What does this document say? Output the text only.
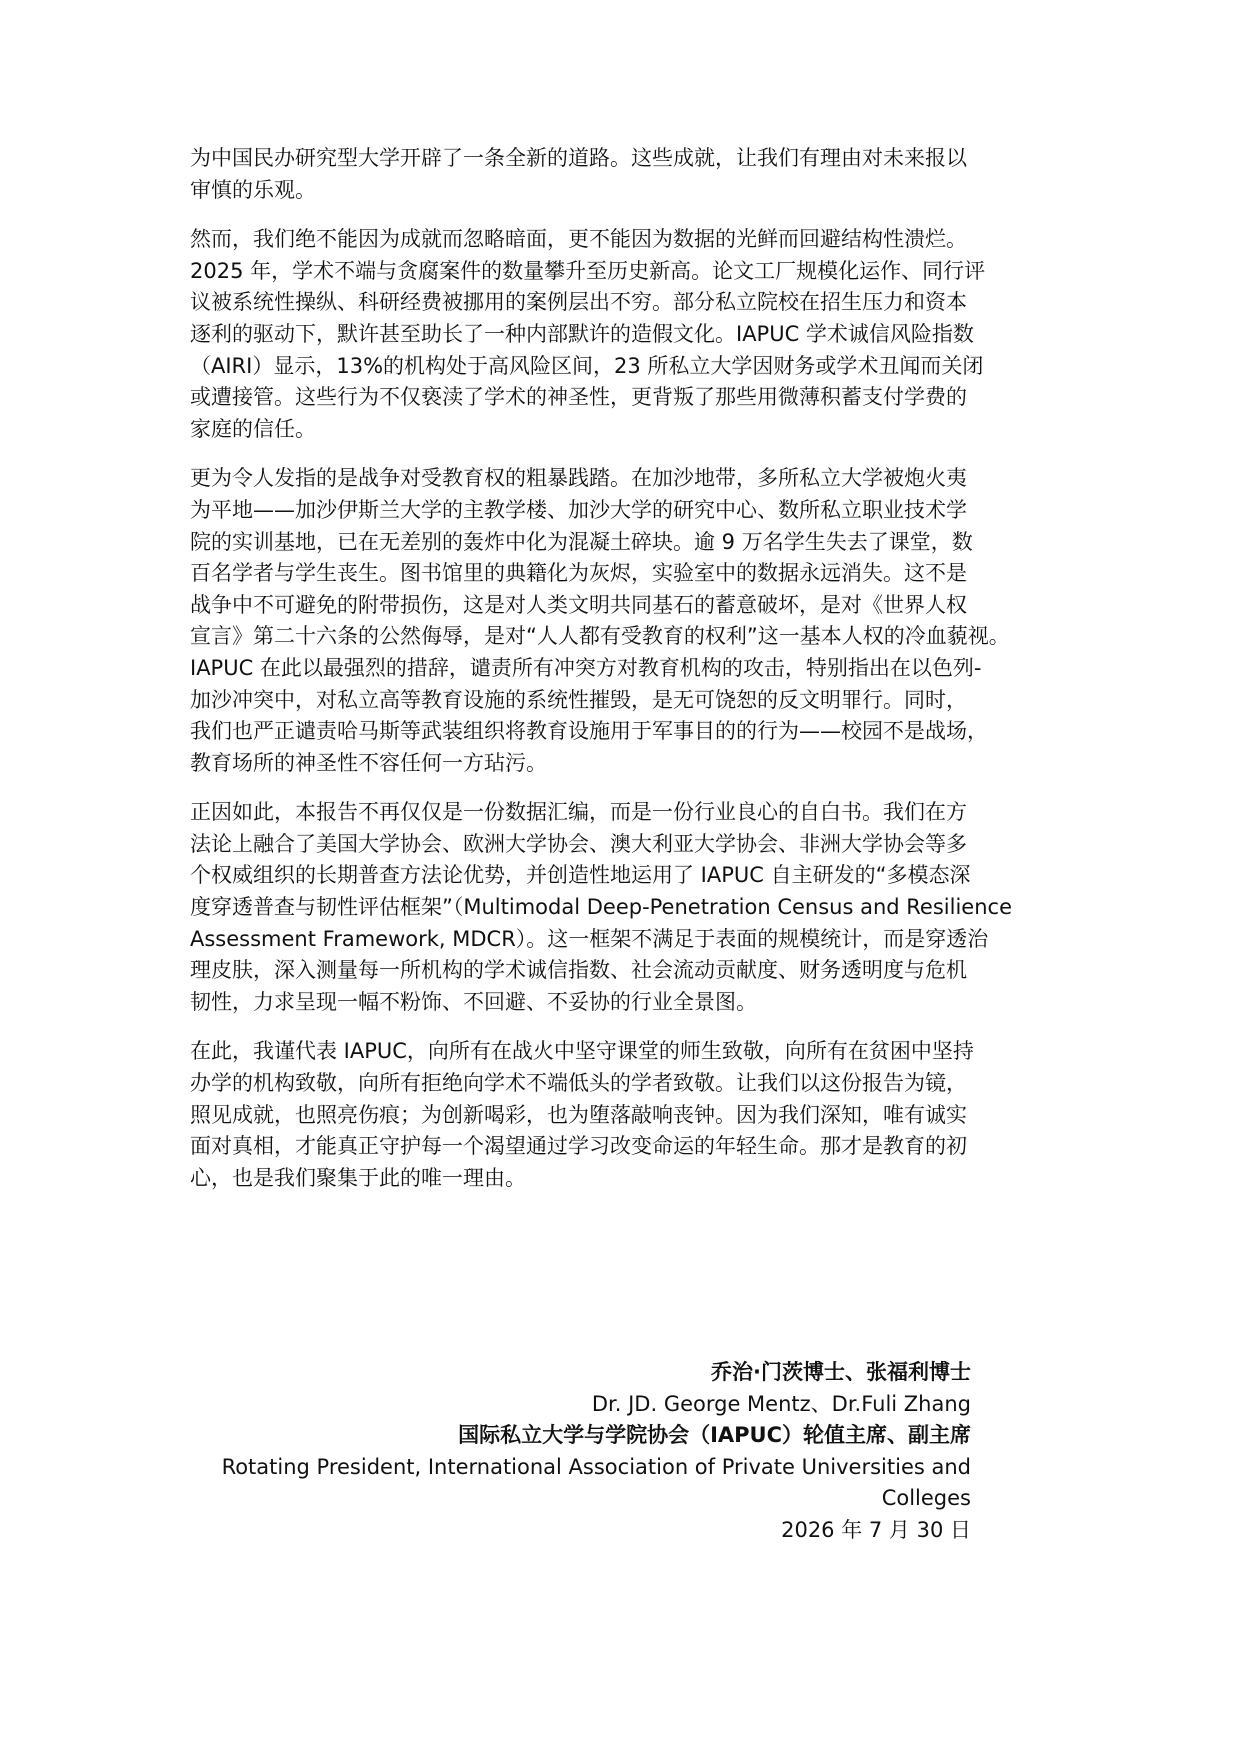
为中国民办研究型大学开辟了一条全新的道路。这些成就，让我们有理由对未来报以
审慎的乐观。

然而，我们绝不能因为成就而忽略暗面，更不能因为数据的光鲜而回避结构性溃烂。
2025 年，学术不端与贪腐案件的数量攀升至历史新高。论文工厂规模化运作、同行评
议被系统性操纵、科研经费被挪用的案例层出不穷。部分私立院校在招生压力和资本
逐利的驱动下，默许甚至助长了一种内部默许的造假文化。IAPUC 学术诚信风险指数
（AIRI）显示，13%的机构处于高风险区间，23 所私立大学因财务或学术丑闻而关闭
或遭接管。这些行为不仅亵渎了学术的神圣性，更背叛了那些用微薄积蓄支付学费的
家庭的信任。

更为令人发指的是战争对受教育权的粗暴践踏。在加沙地带，多所私立大学被炮火夷
为平地——加沙伊斯兰大学的主教学楼、加沙大学的研究中心、数所私立职业技术学
院的实训基地，已在无差别的轰炸中化为混凝土碎块。逾 9 万名学生失去了课堂，数
百名学者与学生丧生。图书馆里的典籍化为灰烬，实验室中的数据永远消失。这不是
战争中不可避免的附带损伤，这是对人类文明共同基石的蓄意破坏，是对《世界人权
宣言》第二十六条的公然侮辱，是对“人人都有受教育的权利”这一基本人权的冷血藐视。
IAPUC 在此以最强烈的措辞，谴责所有冲突方对教育机构的攻击，特别指出在以色列-
加沙冲突中，对私立高等教育设施的系统性摧毁，是无可饶恕的反文明罪行。同时，
我们也严正谴责哈马斯等武装组织将教育设施用于军事目的的行为——校园不是战场，
教育场所的神圣性不容任何一方玷污。

正因如此，本报告不再仅仅是一份数据汇编，而是一份行业良心的自白书。我们在方
法论上融合了美国大学协会、欧洲大学协会、澳大利亚大学协会、非洲大学协会等多
个权威组织的长期普查方法论优势，并创造性地运用了 IAPUC 自主研发的“多模态深
度穿透普查与韧性评估框架”（Multimodal Deep-Penetration Census and Resilience
Assessment Framework, MDCR）。这一框架不满足于表面的规模统计，而是穿透治
理皮肤，深入测量每一所机构的学术诚信指数、社会流动贡献度、财务透明度与危机
韧性，力求呈现一幅不粉饰、不回避、不妥协的行业全景图。

在此，我谨代表 IAPUC，向所有在战火中坚守课堂的师生致敬，向所有在贫困中坚持
办学的机构致敬，向所有拒绝向学术不端低头的学者致敬。让我们以这份报告为镜，
照见成就，也照亮伤痕；为创新喝彩，也为堕落敲响丧钟。因为我们深知，唯有诚实
面对真相，才能真正守护每一个渴望通过学习改变命运的年轻生命。那才是教育的初
心，也是我们聚集于此的唯一理由。

乔治·门茨博士、张福利博士
Dr. JD. George Mentz、Dr.Fuli Zhang
国际私立大学与学院协会（IAPUC）轮值主席、副主席
Rotating President, International Association of Private Universities and
Colleges
2026 年 7 月 30 日
